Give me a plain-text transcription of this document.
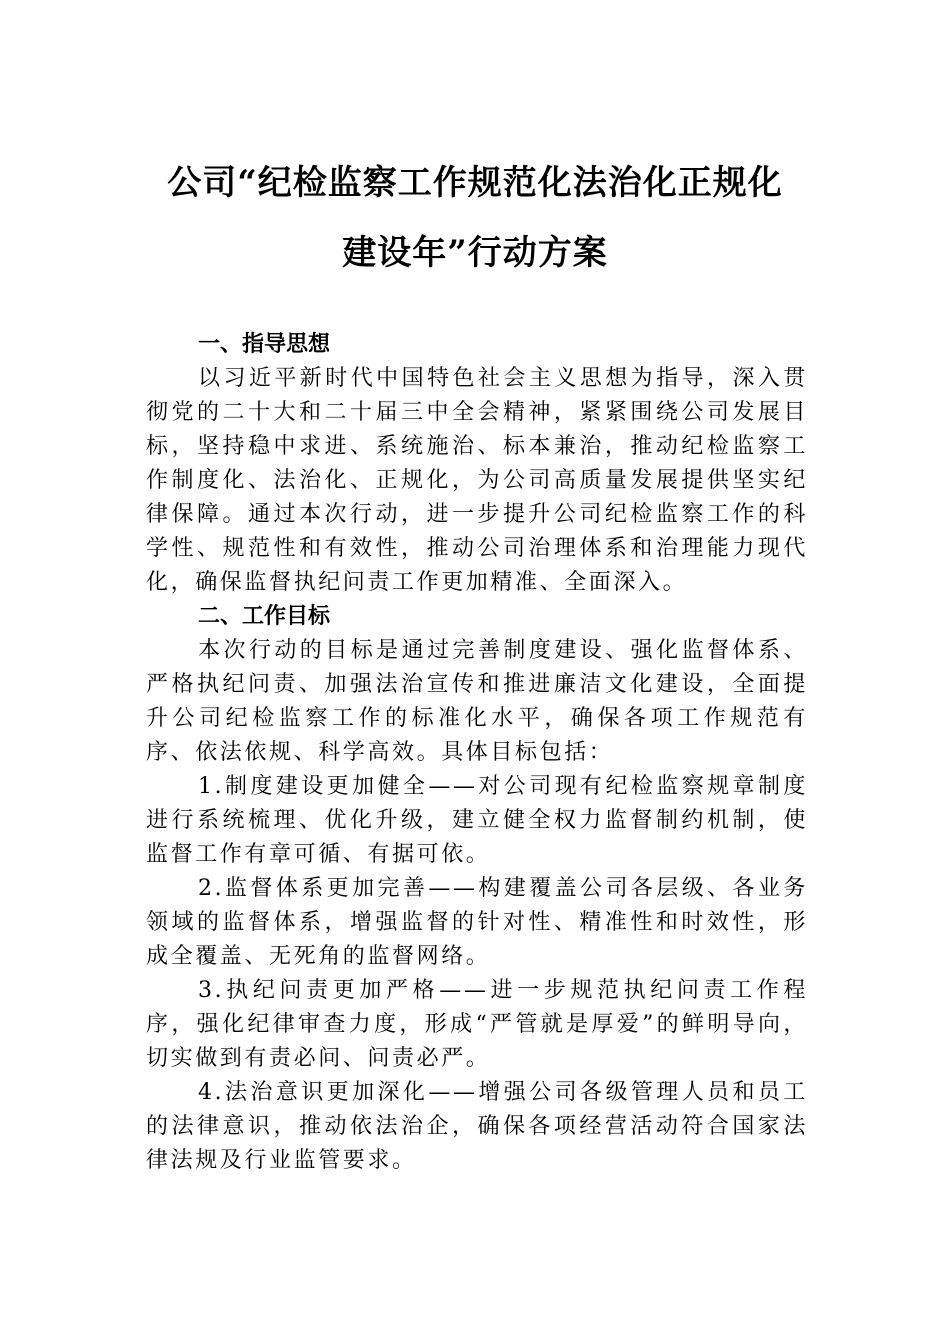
公司“纪检监察工作规范化法治化正规化
建设年”行动方案
一、指导思想

以习近平新时代中国特色社会主义思想为指导，深入贯彻党的二十大和二十届三中全会精神，紧紧围绕公司发展目标，坚持稳中求进、系统施治、标本兼治，推动纪检监察工作制度化、法治化、正规化，为公司高质量发展提供坚实纪律保障。通过本次行动，进一步提升公司纪检监察工作的科学性、规范性和有效性，推动公司治理体系和治理能力现代化，确保监督执纪问责工作更加精准、全面深入。

二、工作目标

本次行动的目标是通过完善制度建设、强化监督体系、严格执纪问责、加强法治宣传和推进廉洁文化建设，全面提升公司纪检监察工作的标准化水平，确保各项工作规范有序、依法依规、科学高效。具体目标包括：

1.制度建设更加健全——对公司现有纪检监察规章制度进行系统梳理、优化升级，建立健全权力监督制约机制，使监督工作有章可循、有据可依。

2.监督体系更加完善——构建覆盖公司各层级、各业务领域的监督体系，增强监督的针对性、精准性和时效性，形成全覆盖、无死角的监督网络。

3.执纪问责更加严格——进一步规范执纪问责工作程序，强化纪律审查力度，形成“严管就是厚爱”的鲜明导向，切实做到有责必问、问责必严。

4.法治意识更加深化——增强公司各级管理人员和员工的法律意识，推动依法治企，确保各项经营活动符合国家法律法规及行业监管要求。
